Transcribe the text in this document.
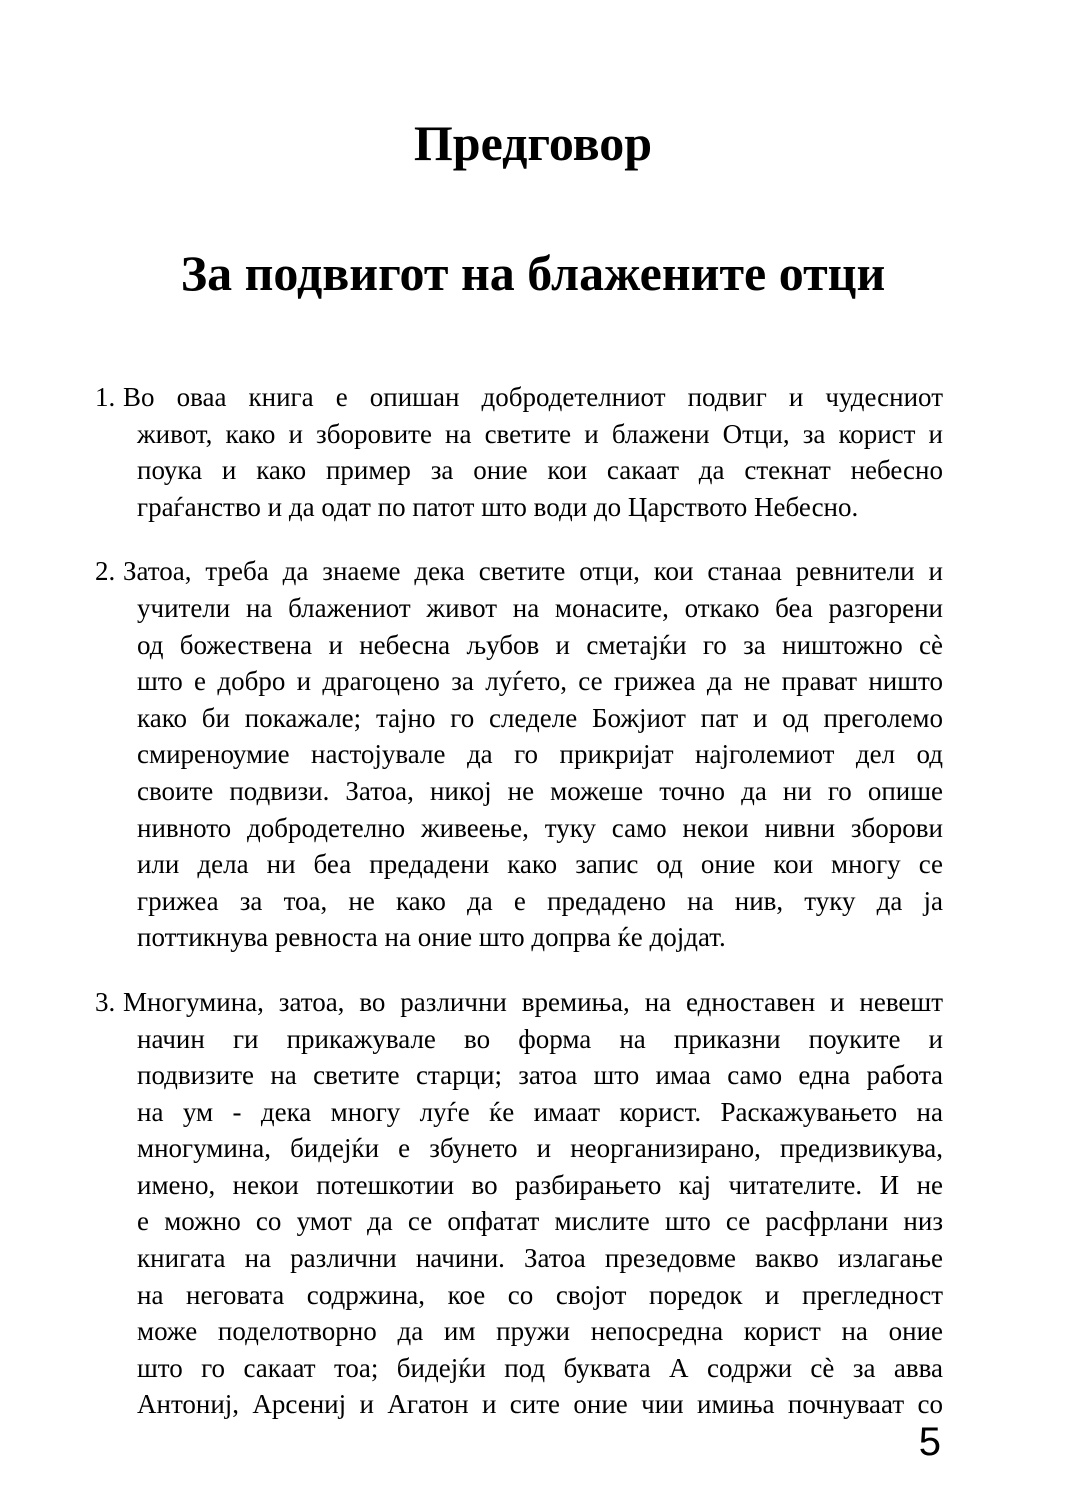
Предговор
За подвигот на блажените отци
1. Во оваа книга е опишан добродетелниот подвиг и чудесниот
живот, како и зборовите на светите и блажени Отци, за корист и
поука и како пример за оние кои сакаат да стекнат небесно
граѓанство и да одат по патот што води до Царството Небесно.
2. Затоа, треба да знаеме дека светите отци, кои станаа ревнители и
учители на блажениот живот на монасите, откако беа разгорени
од божествена и небесна љубов и сметајќи го за ништожно сѐ
што е добро и драгоцено за луѓето, се грижеа да не прават ништо
како би покажале; тајно го следеле Божјиот пат и од преголемо
смиреноумие настојувале да го прикријат најголемиот дел од
своите подвизи. Затоа, никој не можеше точно да ни го опише
нивното добродетелно живеење, туку само некои нивни зборови
или дела ни беа предадени како запис од оние кои многу се
грижеа за тоа, не како да е предадено на нив, туку да ја
поттикнува ревноста на оние што допрва ќе дојдат.
3. Многумина, затоа, во различни времиња, на едноставен и невешт
начин ги прикажувале во форма на приказни поуките и
подвизите на светите старци; затоа што имаа само една работа
на ум - дека многу луѓе ќе имаат корист. Раскажувањето на
многумина, бидејќи е збунето и неорганизирано, предизвикува,
имено, некои потешкотии во разбирањето кај читателите. И не
е можно со умот да се опфатат мислите што се расфрлани низ
книгата на различни начини. Затоа презедовме вакво излагање
на неговата содржина, кое со својот поредок и прегледност
може поделотворно да им пружи непосредна корист на оние
што го сакаат тоа; бидејќи под буквата А содржи сѐ за авва
Антониј, Арсениј и Агатон и сите оние чии имиња почнуваат со
5
